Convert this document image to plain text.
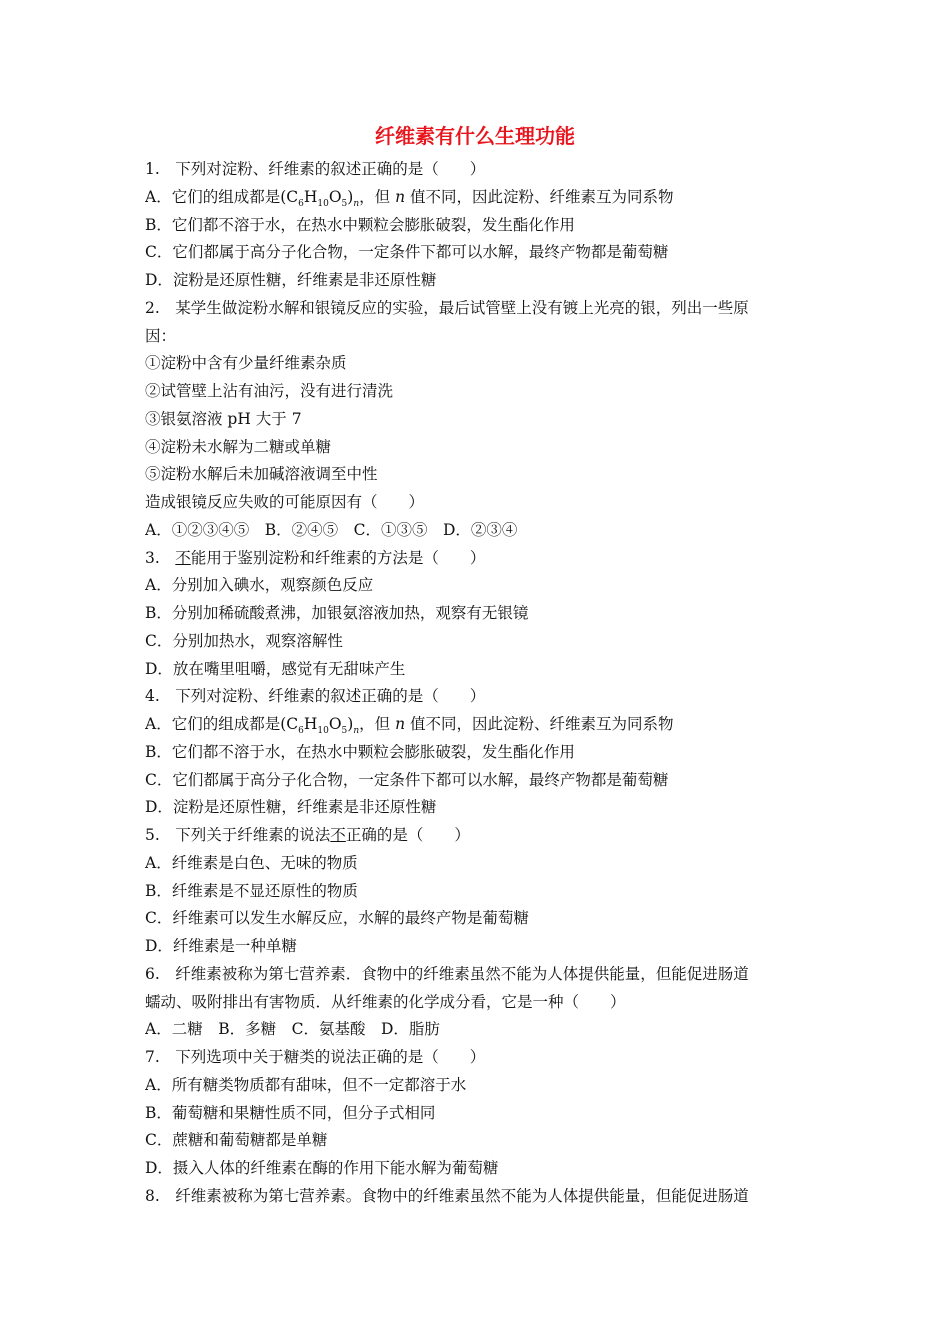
纤维素有什么生理功能
1.　下列对淀粉、纤维素的叙述正确的是（　　）
A．它们的组成都是$(C_6H_{10}O_5)_n$，但 n 值不同，因此淀粉、纤维素互为同系物
B．它们都不溶于水，在热水中颗粒会膨胀破裂，发生酯化作用
C．它们都属于高分子化合物，一定条件下都可以水解，最终产物都是葡萄糖
D．淀粉是还原性糖，纤维素是非还原性糖
2.　某学生做淀粉水解和银镜反应的实验，最后试管壁上没有镀上光亮的银，列出一些原
因：
①淀粉中含有少量纤维素杂质
②试管壁上沾有油污，没有进行清洗
③银氨溶液 pH 大于 7
④淀粉未水解为二糖或单糖
⑤淀粉水解后未加碱溶液调至中性
造成银镜反应失败的可能原因有（　　）
A．①②③④⑤　B．②④⑤　C．①③⑤　D．②③④
3.　不能用于鉴别淀粉和纤维素的方法是（　　）
A．分别加入碘水，观察颜色反应
B．分别加稀硫酸煮沸，加银氨溶液加热，观察有无银镜
C．分别加热水，观察溶解性
D．放在嘴里咀嚼，感觉有无甜味产生
4.　下列对淀粉、纤维素的叙述正确的是（　　）
A．它们的组成都是$(C_6H_{10}O_5)_n$，但 n 值不同，因此淀粉、纤维素互为同系物
B．它们都不溶于水，在热水中颗粒会膨胀破裂，发生酯化作用
C．它们都属于高分子化合物，一定条件下都可以水解，最终产物都是葡萄糖
D．淀粉是还原性糖，纤维素是非还原性糖
5.　下列关于纤维素的说法不正确的是（　　）
A．纤维素是白色、无味的物质
B．纤维素是不显还原性的物质
C．纤维素可以发生水解反应，水解的最终产物是葡萄糖
D．纤维素是一种单糖
6.　纤维素被称为第七营养素．食物中的纤维素虽然不能为人体提供能量，但能促进肠道
蠕动、吸附排出有害物质．从纤维素的化学成分看，它是一种（　　）
A．二糖　B．多糖　C．氨基酸　D．脂肪
7.　下列选项中关于糖类的说法正确的是（　　）
A．所有糖类物质都有甜味，但不一定都溶于水
B．葡萄糖和果糖性质不同，但分子式相同
C．蔗糖和葡萄糖都是单糖
D．摄入人体的纤维素在酶的作用下能水解为葡萄糖
8.　纤维素被称为第七营养素。食物中的纤维素虽然不能为人体提供能量，但能促进肠道
